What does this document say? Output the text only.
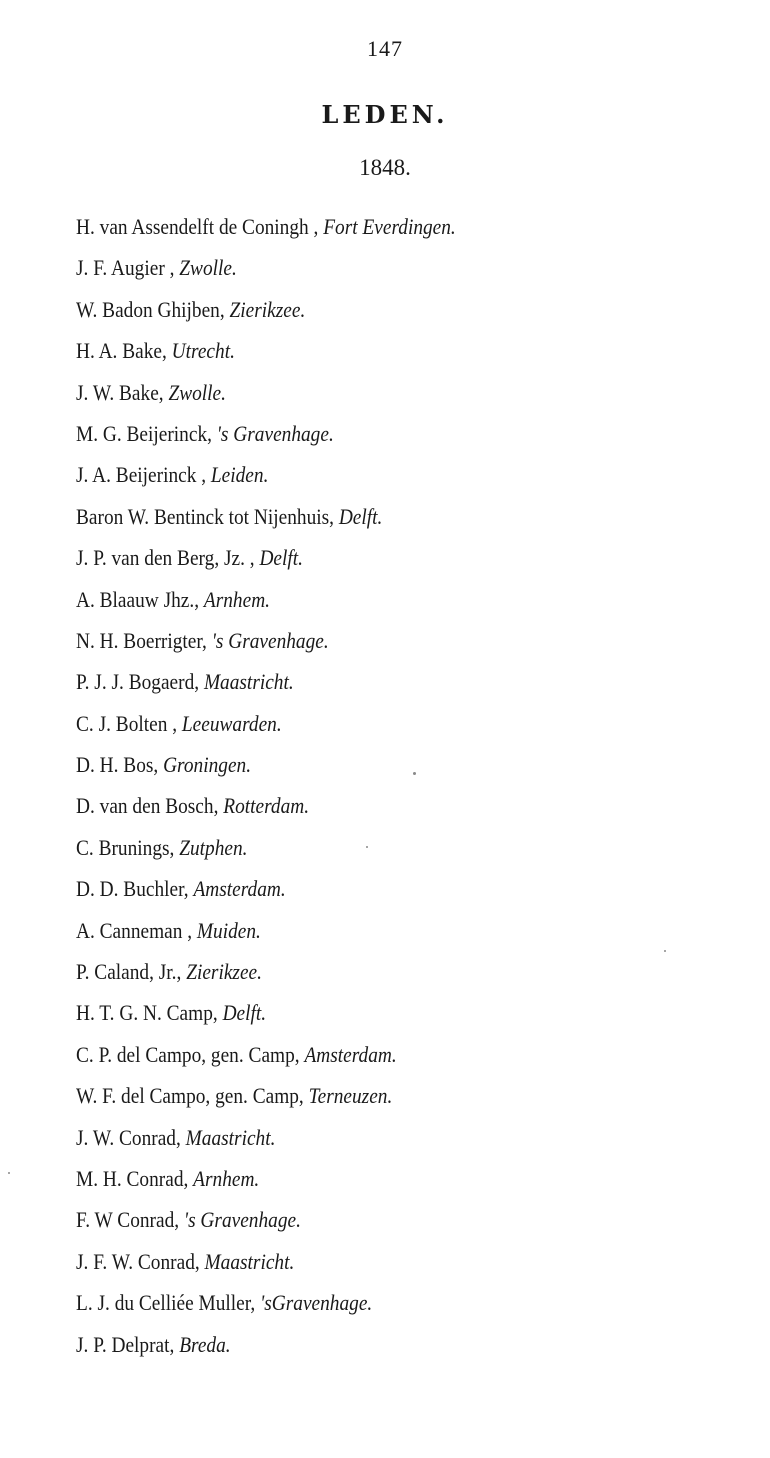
147
LEDEN.
1848.
H. van Assendelft de Coningh , Fort Everdingen.
J. F. Augier , Zwolle.
W. Badon Ghijben, Zierikzee.
H. A. Bake, Utrecht.
J. W. Bake, Zwolle.
M. G. Beijerinck, 's Gravenhage.
J. A. Beijerinck , Leiden.
Baron W. Bentinck tot Nijenhuis, Delft.
J. P. van den Berg, Jz. , Delft.
A. Blaauw Jhz., Arnhem.
N. H. Boerrigter, 's Gravenhage.
P. J. J. Bogaerd, Maastricht.
C. J. Bolten , Leeuwarden.
D. H. Bos, Groningen.
D. van den Bosch, Rotterdam.
C. Brunings, Zutphen.
D. D. Buchler, Amsterdam.
A. Canneman , Muiden.
P. Caland, Jr., Zierikzee.
H. T. G. N. Camp, Delft.
C. P. del Campo, gen. Camp, Amsterdam.
W. F. del Campo, gen. Camp, Terneuzen.
J. W. Conrad, Maastricht.
M. H. Conrad, Arnhem.
F. W Conrad, 's Gravenhage.
J. F. W. Conrad, Maastricht.
L. J. du Celliée Muller, 'sGravenhage.
J. P. Delprat, Breda.
